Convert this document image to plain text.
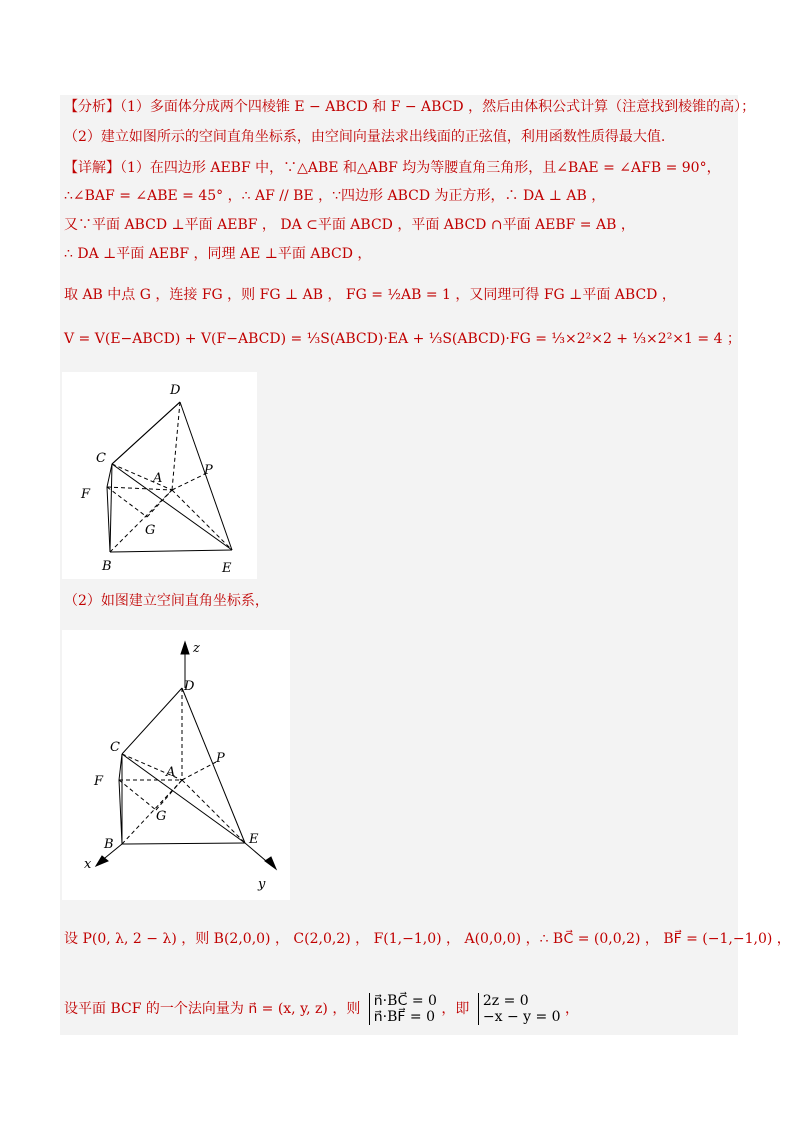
【分析】（1）多面体分成两个四棱锥 E − ABCD 和 F − ABCD ，然后由体积公式计算（注意找到棱锥的高）；
（2）建立如图所示的空间直角坐标系，由空间向量法求出线面的正弦值，利用函数性质得最大值.
【详解】（1）在四边形 AEBF 中，∵△ABE 和△ABF 均为等腰直角三角形，且∠BAE = ∠AFB = 90°，
∴∠BAF = ∠ABE = 45° ，∴ AF // BE ，∵四边形 ABCD 为正方形，∴ DA ⊥ AB ，
又∵平面 ABCD ⊥平面 AEBF ， DA ⊂平面 ABCD ，平面 ABCD ∩平面 AEBF = AB ，
∴ DA ⊥平面 AEBF ，同理 AE ⊥平面 ABCD ，
取 AB 中点 G ，连接 FG ，则 FG ⊥ AB ， FG = ½AB = 1 ，又同理可得 FG ⊥平面 ABCD ，
V = V(E−ABCD) + V(F−ABCD) = ⅓S(ABCD)·EA + ⅓S(ABCD)·FG = ⅓×2²×2 + ⅓×2²×1 = 4 ；
D
C
F
A
P
G
B	E
（2）如图建立空间直角坐标系，
z
D
C
F
A
P
G
B	E
x
y
设 P(0, λ, 2 − λ) ，则 B(2,0,0) ， C(2,0,2) ， F(1,−1,0) ， A(0,0,0) ，∴ BC⃗ = (0,0,2) ， BF⃗ = (−1,−1,0) ，
设平面 BCF 的一个法向量为 n⃗ = (x, y, z) ，则 n⃗·BC⃗ = 0
n⃗·BF⃗ = 0 ，即 2z = 0
−x − y = 0 ，
